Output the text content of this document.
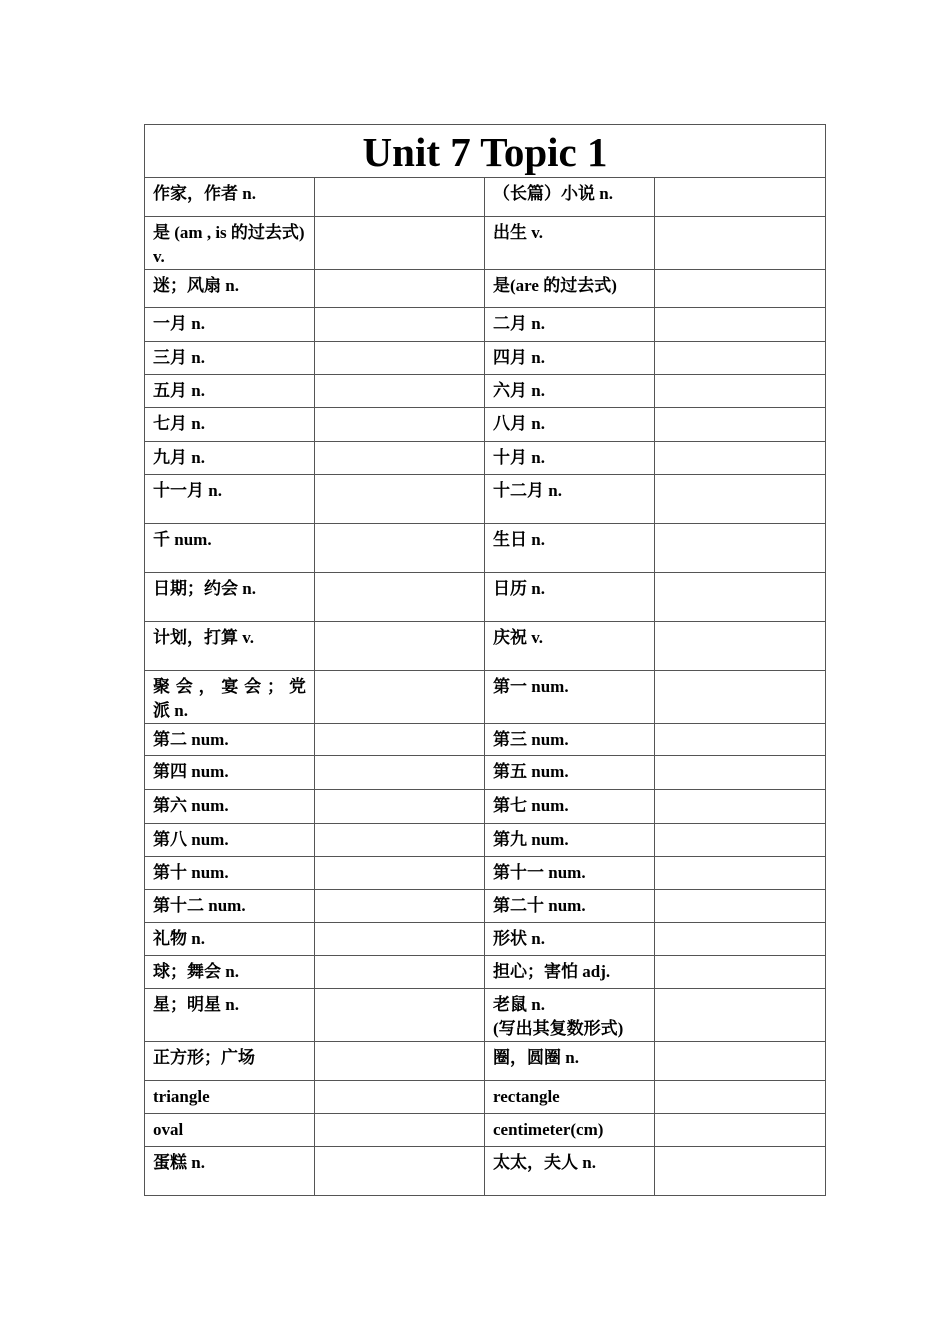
Unit 7 Topic 1			
作家，作者 n.		（长篇）小说 n.	
是 (am , is 的过去式) v.		出生 v.	
迷；风扇 n.		是(are 的过去式)	
一月 n.		二月 n.	
三月 n.		四月 n.	
五月 n.		六月 n.	
七月 n.		八月 n.	
九月 n.		十月 n.	
十一月 n.		十二月 n.	
千 num.		生日 n.	
日期；约会 n.		日历 n.	
计划，打算 v.		庆祝 v.	
聚 会 ， 宴 会 ； 党 派 n.		第一 num.	
第二 num.		第三 num.	
第四 num.		第五 num.	
第六 num.		第七 num.	
第八 num.		第九 num.	
第十 num.		第十一 num.	
第十二 num.		第二十 num.	
礼物 n.		形状 n.	
球；舞会 n.		担心；害怕 adj.	
星；明星 n.		老鼠 n.
(写出其复数形式)	

正方形；广场		圈，圆圈 n.	
triangle		rectangle	
oval		centimeter(cm)	
蛋糕 n.		太太，夫人 n.	
